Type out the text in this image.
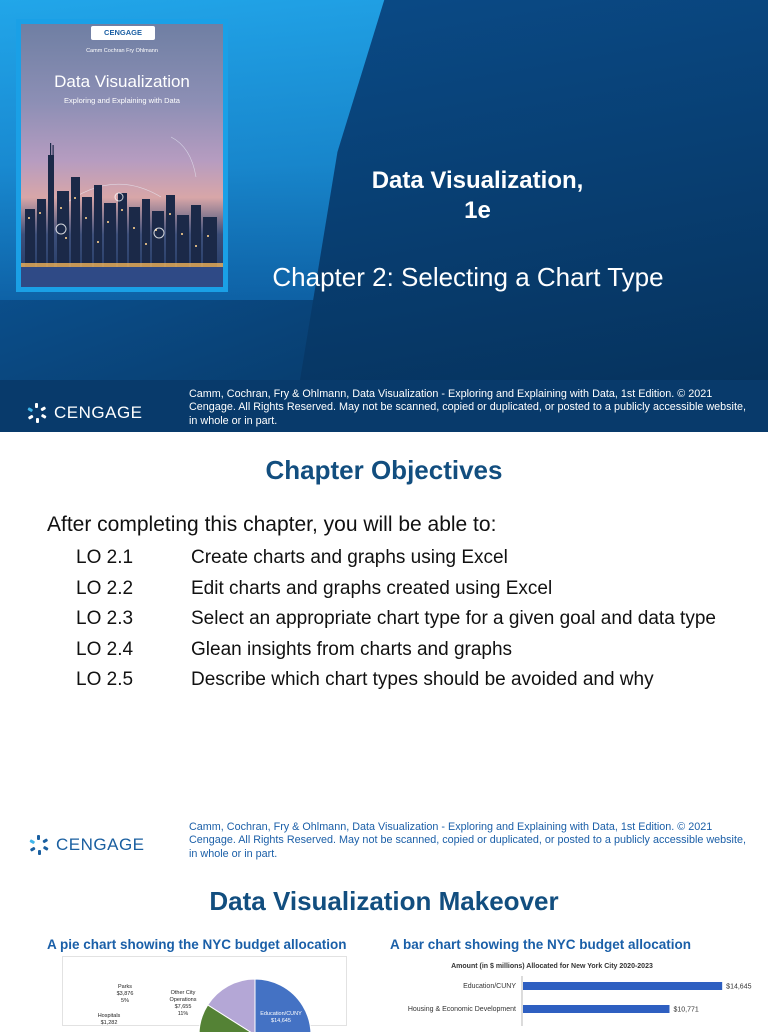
CENGAGE
Camm Cochran Fry Ohlmann
Data Visualization
Exploring and Explaining with Data
Data Visualization,
1e
Chapter 2: Selecting a Chart Type
CENGAGE
Camm, Cochran, Fry & Ohlmann, Data Visualization - Exploring and Explaining with Data, 1st Edition. © 2021 Cengage. All Rights Reserved. May not be scanned, copied or duplicated, or posted to a publicly accessible website, in whole or in part.
Chapter Objectives
After completing this chapter, you will be able to:
LO 2.1	Create charts and graphs using Excel
LO 2.2	Edit charts and graphs created using Excel
LO 2.3	Select an appropriate chart type for a given goal and data type
LO 2.4	Glean insights from charts and graphs
LO 2.5	Describe which chart types should be avoided and why
CENGAGE
Camm, Cochran, Fry & Ohlmann, Data Visualization - Exploring and Explaining with Data, 1st Edition. © 2021 Cengage. All Rights Reserved. May not be scanned, copied or duplicated, or posted to a publicly accessible website, in whole or in part.
Data Visualization Makeover
A pie chart showing the NYC budget allocation	A bar chart showing the NYC budget allocation
Education/CUNY
$14,645
Other City
Operations
$7,655
11%
Parks
$3,876
5%
Hospitals
$1,282
Amount (in $ millions) Allocated for New York City 2020-2023
Education/CUNY	$14,645
Housing & Economic Development	$10,771
